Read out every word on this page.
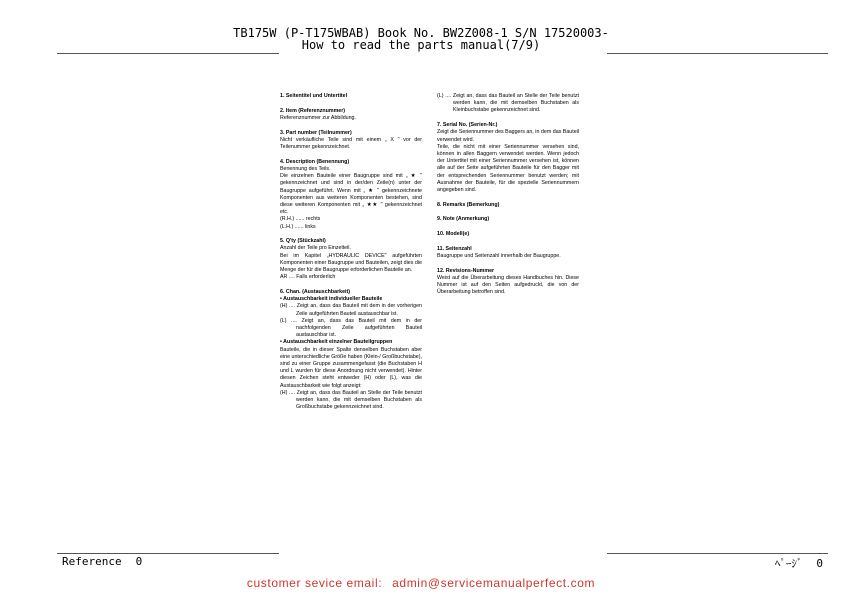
TB175W (P-T175WBAB) Book No. BW2Z008-1 S/N 17520003-
How to read the parts manual(7/9)
1. Seitentitel und Untertitel
2. Item (Referenznummer)
Referenznummer zur Abbildung.
3. Part number (Teilnummer)
Nicht verkäufliche Teile sind mit einem „ X " vor der Teilenummer gekennzeichnet.
4. Description (Benennung)
Benennung des Teils.
Die einzelnen Bauteile einer Baugruppe sind mit „ ★ " gekennzeichnet und sind in der/den Zeile(n) unter der Baugruppe aufgeführt. Wenn mit „ ★ " gekennzeichnete Komponenten aus weiteren Komponenten bestehen, sind diese weiteren Komponenten mit „ ★★ " gekennzeichnet etc.
(R.H.) ...... rechts
(L.H.) ...... links
5. Q'ty (Stückzahl)
Anzahl der Teile pro Einzelteil.
Bei im Kapitel „HYDRAULIC DEVICE" aufgeführten Komponenten einer Baugruppe und Bauteilen, zeigt dies die Menge der für die Baugruppe erforderlichen Bauteile an.
AR .... Falls erforderlich
6. Chan. (Austauschbarkeit)
• Austauschbarkeit individueller Bauteile
(H) .... Zeigt an, dass das Bauteil mit dem in der vorherigen Zeile aufgeführten Bauteil austauschbar ist.
(L) .... Zeigt an, dass das Bauteil mit dem in der nachfolgenden Zeile aufgeführten Bauteil austauschbar ist.
• Austauschbarkeit einzelner Bauteilgruppen
Bauteile, die in dieser Spalte denselben Buchstaben aber eine unterschiedliche Größe haben (Klein-/ Großbuchstabe), sind zu einer Gruppe zusammengefasst (die Buchstaben H und L wurden für diese Anordnung nicht verwendet). Hinter diesen Zeichen steht entweder (H) oder (L), was die Austauschbarkeit wie folgt anzeigt:
(H) .... Zeigt an, dass das Bauteil an Stelle der Teile benutzt werden kann, die mit demselben Buchstaben als Großbuchstabe gekennzeichnet sind.
(L) .... Zeigt an, dass das Bauteil an Stelle der Teile benutzt werden kann, die mit demselben Buchstaben als Kleinbuchstabe gekennzeichnet sind.
7. Serial No. (Serien-Nr.)
Zeigt die Seriennummer des Baggers an, in dem das Bauteil verwendet wird.
Teile, die nicht mit einer Seriennummer versehen sind, können in allen Baggern verwendet werden. Wenn jedoch der Untertitel mit einer Seriennummer versehen ist, können alle auf der Seite aufgeführten Bauteile für den Bagger mit der entsprechenden Seriennummer benutzt werden; mit Ausnahme der Bauteile, für die spezielle Seriennummern angegeben sind.
8. Remarks (Bemerkung)
9. Note (Anmerkung)
10. Modell(e)
11. Seitenzahl
Baugruppe und Seitenzahl innerhalb der Baugruppe.
12. Revisions-Nummer
Weist auf die Überarbeitung dieses Handbuches hin. Diese Nummer ist auf den Seiten aufgedruckt, die von der Überarbeitung betroffen sind.
Reference 0	ﾍﾟｰｼﾞ 0
customer sevice email: admin@servicemanualperfect.com
